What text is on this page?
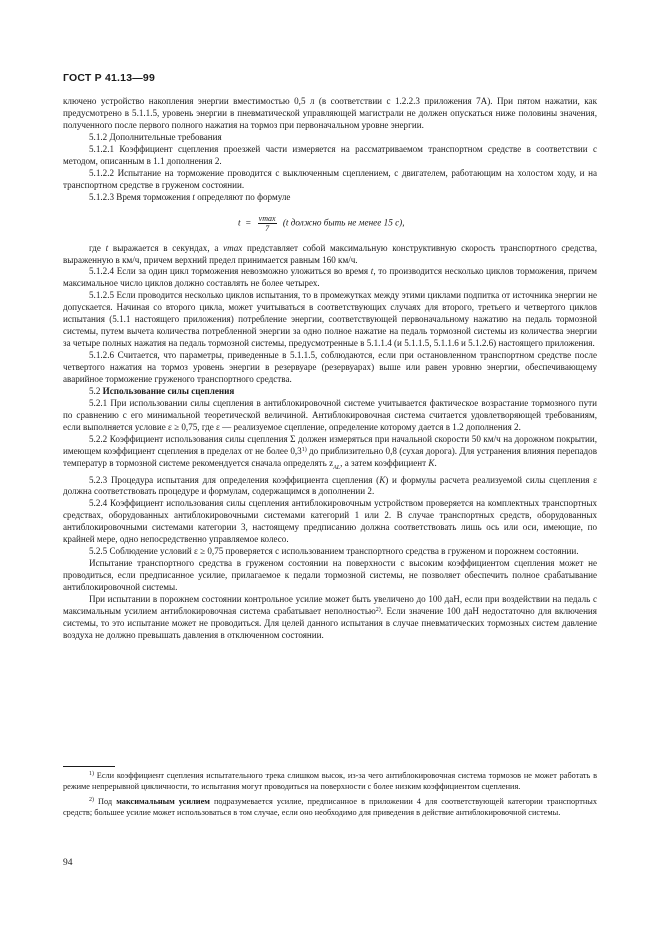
ГОСТ Р 41.13—99

ключено устройство накопления энергии вместимостью 0,5 л (в соответствии с 1.2.2.3 приложения 7А). При пятом нажатии, как предусмотрено в 5.1.1.5, уровень энергии в пневматической управляющей магистрали не должен опускаться ниже половины значения, полученного после первого полного нажатия на тормоз при первоначальном уровне энергии.

5.1.2 Дополнительные требования

5.1.2.1 Коэффициент сцепления проезжей части измеряется на рассматриваемом транспортном средстве в соответствии с методом, описанным в 1.1 дополнения 2.

5.1.2.2 Испытание на торможение проводится с выключенным сцеплением, с двигателем, работающим на холостом ходу, и на транспортном средстве в груженом состоянии.

5.1.2.3 Время торможения t определяют по формуле

$t = \frac{vmax}{7} (t$ должно быть не менее 15 с),

где t выражается в секундах, а vmax представляет собой максимальную конструктивную скорость транспортного средства, выраженную в км/ч, причем верхний предел принимается равным 160 км/ч.

5.1.2.4 Если за один цикл торможения невозможно уложиться во время t, то производится несколько циклов торможения, причем максимальное число циклов должно составлять не более четырех.

5.1.2.5 Если проводится несколько циклов испытания, то в промежутках между этими циклами подпитка от источника энергии не допускается. Начиная со второго цикла, может учитываться в соответствующих случаях для второго, третьего и четвертого циклов испытания (5.1.1 настоящего приложения) потребление энергии, соответствующей первоначальному нажатию на педаль тормозной системы, путем вычета количества потребленной энергии за одно полное нажатие на педаль тормозной системы из количества энергии за четыре полных нажатия на педаль тормозной системы, предусмотренные в 5.1.1.4 (и 5.1.1.5, 5.1.1.6 и 5.1.2.6) настоящего приложения.

5.1.2.6 Считается, что параметры, приведенные в 5.1.1.5, соблюдаются, если при остановленном транспортном средстве после четвертого нажатия на тормоз уровень энергии в резервуаре (резервуарах) выше или равен уровню энергии, обеспечивающему аварийное торможение груженого транспортного средства.

5.2 Использование силы сцепления

5.2.1 При использовании силы сцепления в антиблокировочной системе учитывается фактическое возрастание тормозного пути по сравнению с его минимальной теоретической величиной. Антиблокировочная система считается удовлетворяющей требованиям, если выполняется условие ε ≥ 0,75, где ε — реализуемое сцепление, определение которому дается в 1.2 дополнения 2.

5.2.2 Коэффициент использования силы сцепления Σ должен измеряться при начальной скорости 50 км/ч на дорожном покрытии, имеющем коэффициент сцепления в пределах от не более 0,3$^{1)}$ до приблизительно 0,8 (сухая дорога). Для устранения влияния перепадов температур в тормозной системе рекомендуется сначала определять $z_{AL}$, а затем коэффициент K.

5.2.3 Процедура испытания для определения коэффициента сцепления (K) и формулы расчета реализуемой силы сцепления ε должна соответствовать процедуре и формулам, содержащимся в дополнении 2.

5.2.4 Коэффициент использования силы сцепления антиблокировочным устройством проверяется на комплектных транспортных средствах, оборудованных антиблокировочными системами категорий 1 или 2. В случае транспортных средств, оборудованных антиблокировочными системами категории 3, настоящему предписанию должна соответствовать лишь ось или оси, имеющие, по крайней мере, одно непосредственно управляемое колесо.

5.2.5 Соблюдение условий ε ≥ 0,75 проверяется с использованием транспортного средства в груженом и порожнем состоянии.

Испытание транспортного средства в груженом состоянии на поверхности с высоким коэффициентом сцепления может не проводиться, если предписанное усилие, прилагаемое к педали тормозной системы, не позволяет обеспечить полное срабатывание антиблокировочной системы.

При испытании в порожнем состоянии контрольное усилие может быть увеличено до 100 даН, если при воздействии на педаль с максимальным усилием антиблокировочная система срабатывает неполностью$^{2)}$. Если значение 100 даН недостаточно для включения системы, то это испытание может не проводиться. Для целей данного испытания в случае пневматических тормозных систем давление воздуха не должно превышать давления в отключенном состоянии.

$^{1)}$ Если коэффициент сцепления испытательного трека слишком высок, из-за чего антиблокировочная система тормозов не может работать в режиме непрерывной цикличности, то испытания могут проводиться на поверхности с более низким коэффициентом сцепления.

$^{2)}$ Под максимальным усилием подразумевается усилие, предписанное в приложении 4 для соответствующей категории транспортных средств; большее усилие может использоваться в том случае, если оно необходимо для приведения в действие антиблокировочной системы.

94
